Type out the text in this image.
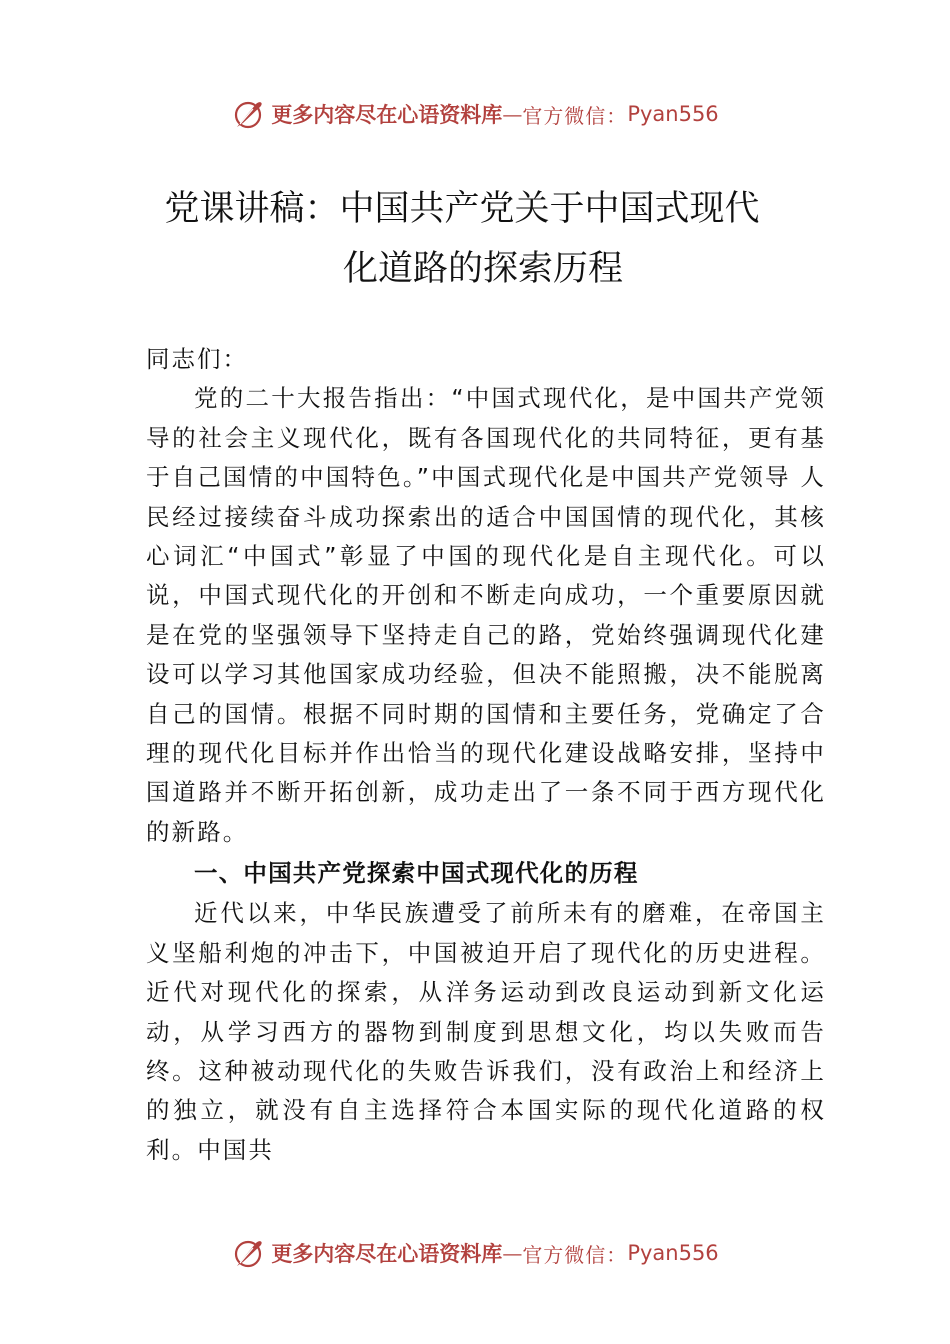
更多内容尽在心语资料库 — 官方微信： Pyan556
党课讲稿：中国共产党关于中国式现代
化道路的探索历程

同志们：

党的二十大报告指出：“中国式现代化，是中国共产党领导的社会主义现代化，既有各国现代化的共同特征，更有基于自己国情的中国特色。”中国式现代化是中国共产党领导 人民经过接续奋斗成功探索出的适合中国国情的现代化，其核心词汇“中国式”彰显了中国的现代化是自主现代化。可以说，中国式现代化的开创和不断走向成功，一个重要原因就是在党的坚强领导下坚持走自己的路，党始终强调现代化建设可以学习其他国家成功经验，但决不能照搬，决不能脱离自己的国情。根据不同时期的国情和主要任务，党确定了合理的现代化目标并作出恰当的现代化建设战略安排，坚持中国道路并不断开拓创新，成功走出了一条不同于西方现代化的新路。

一、中国共产党探索中国式现代化的历程

近代以来，中华民族遭受了前所未有的磨难，在帝国主义坚船利炮的冲击下，中国被迫开启了现代化的历史进程。近代对现代化的探索，从洋务运动到改良运动到新文化运动，从学习西方的器物到制度到思想文化，均以失败而告终。这种被动现代化的失败告诉我们，没有政治上和经济上的独立，就没有自主选择符合本国实际的现代化道路的权利。中国共

更多内容尽在心语资料库 — 官方微信： Pyan556
